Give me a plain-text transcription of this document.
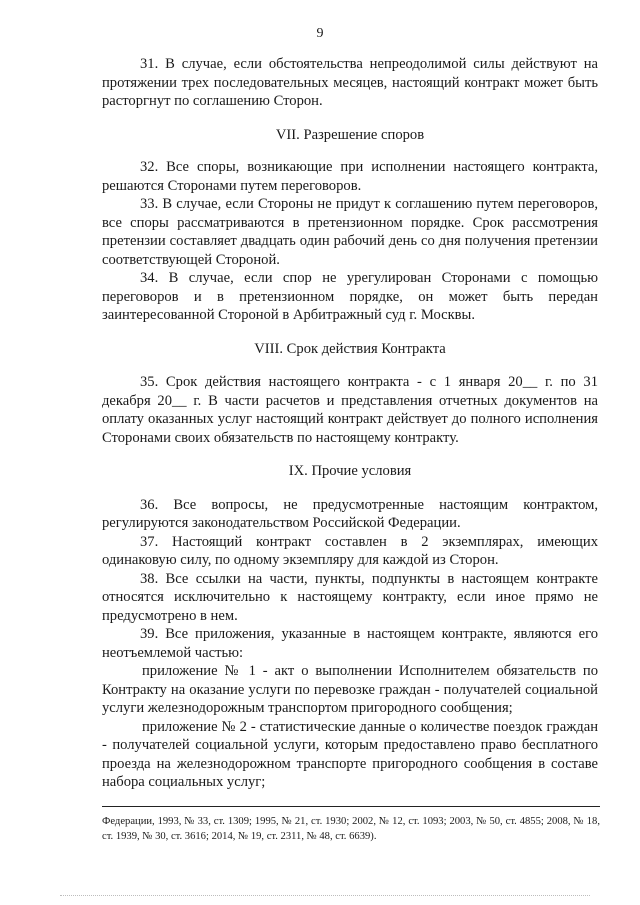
9

31. В случае, если обстоятельства непреодолимой силы действуют на протяжении трех последовательных месяцев, настоящий контракт может быть расторгнут по соглашению Сторон.

VII. Разрешение споров

32. Все споры, возникающие при исполнении настоящего контракта, решаются Сторонами путем переговоров.

33. В случае, если Стороны не придут к соглашению путем переговоров, все споры рассматриваются в претензионном порядке. Срок рассмотрения претензии составляет двадцать один рабочий день со дня получения претензии соответствующей Стороной.

34. В случае, если спор не урегулирован Сторонами с помощью переговоров и в претензионном порядке, он может быть передан заинтересованной Стороной в Арбитражный суд г. Москвы.

VIII. Срок действия Контракта

35. Срок действия настоящего контракта - с 1 января 20__ г. по 31 декабря 20__ г. В части расчетов и представления отчетных документов на оплату оказанных услуг настоящий контракт действует до полного исполнения Сторонами своих обязательств по настоящему контракту.

IX. Прочие условия

36. Все вопросы, не предусмотренные настоящим контрактом, регулируются законодательством Российской Федерации.

37. Настоящий контракт составлен в 2 экземплярах, имеющих одинаковую силу, по одному экземпляру для каждой из Сторон.

38. Все ссылки на части, пункты, подпункты в настоящем контракте относятся исключительно к настоящему контракту, если иное прямо не предусмотрено в нем.

39. Все приложения, указанные в настоящем контракте, являются его неотъемлемой частью:

приложение № 1 - акт о выполнении Исполнителем обязательств по Контракту на оказание услуги по перевозке граждан - получателей социальной услуги железнодорожным транспортом пригородного сообщения;

приложение № 2 - статистические данные о количестве поездок граждан - получателей социальной услуги, которым предоставлено право бесплатного проезда на железнодорожном транспорте пригородного сообщения в составе набора социальных услуг;

Федерации, 1993, № 33, ст. 1309; 1995, № 21, ст. 1930; 2002, № 12, ст. 1093; 2003, № 50, ст. 4855; 2008, № 18, ст. 1939, № 30, ст. 3616; 2014, № 19, ст. 2311, № 48, ст. 6639).
